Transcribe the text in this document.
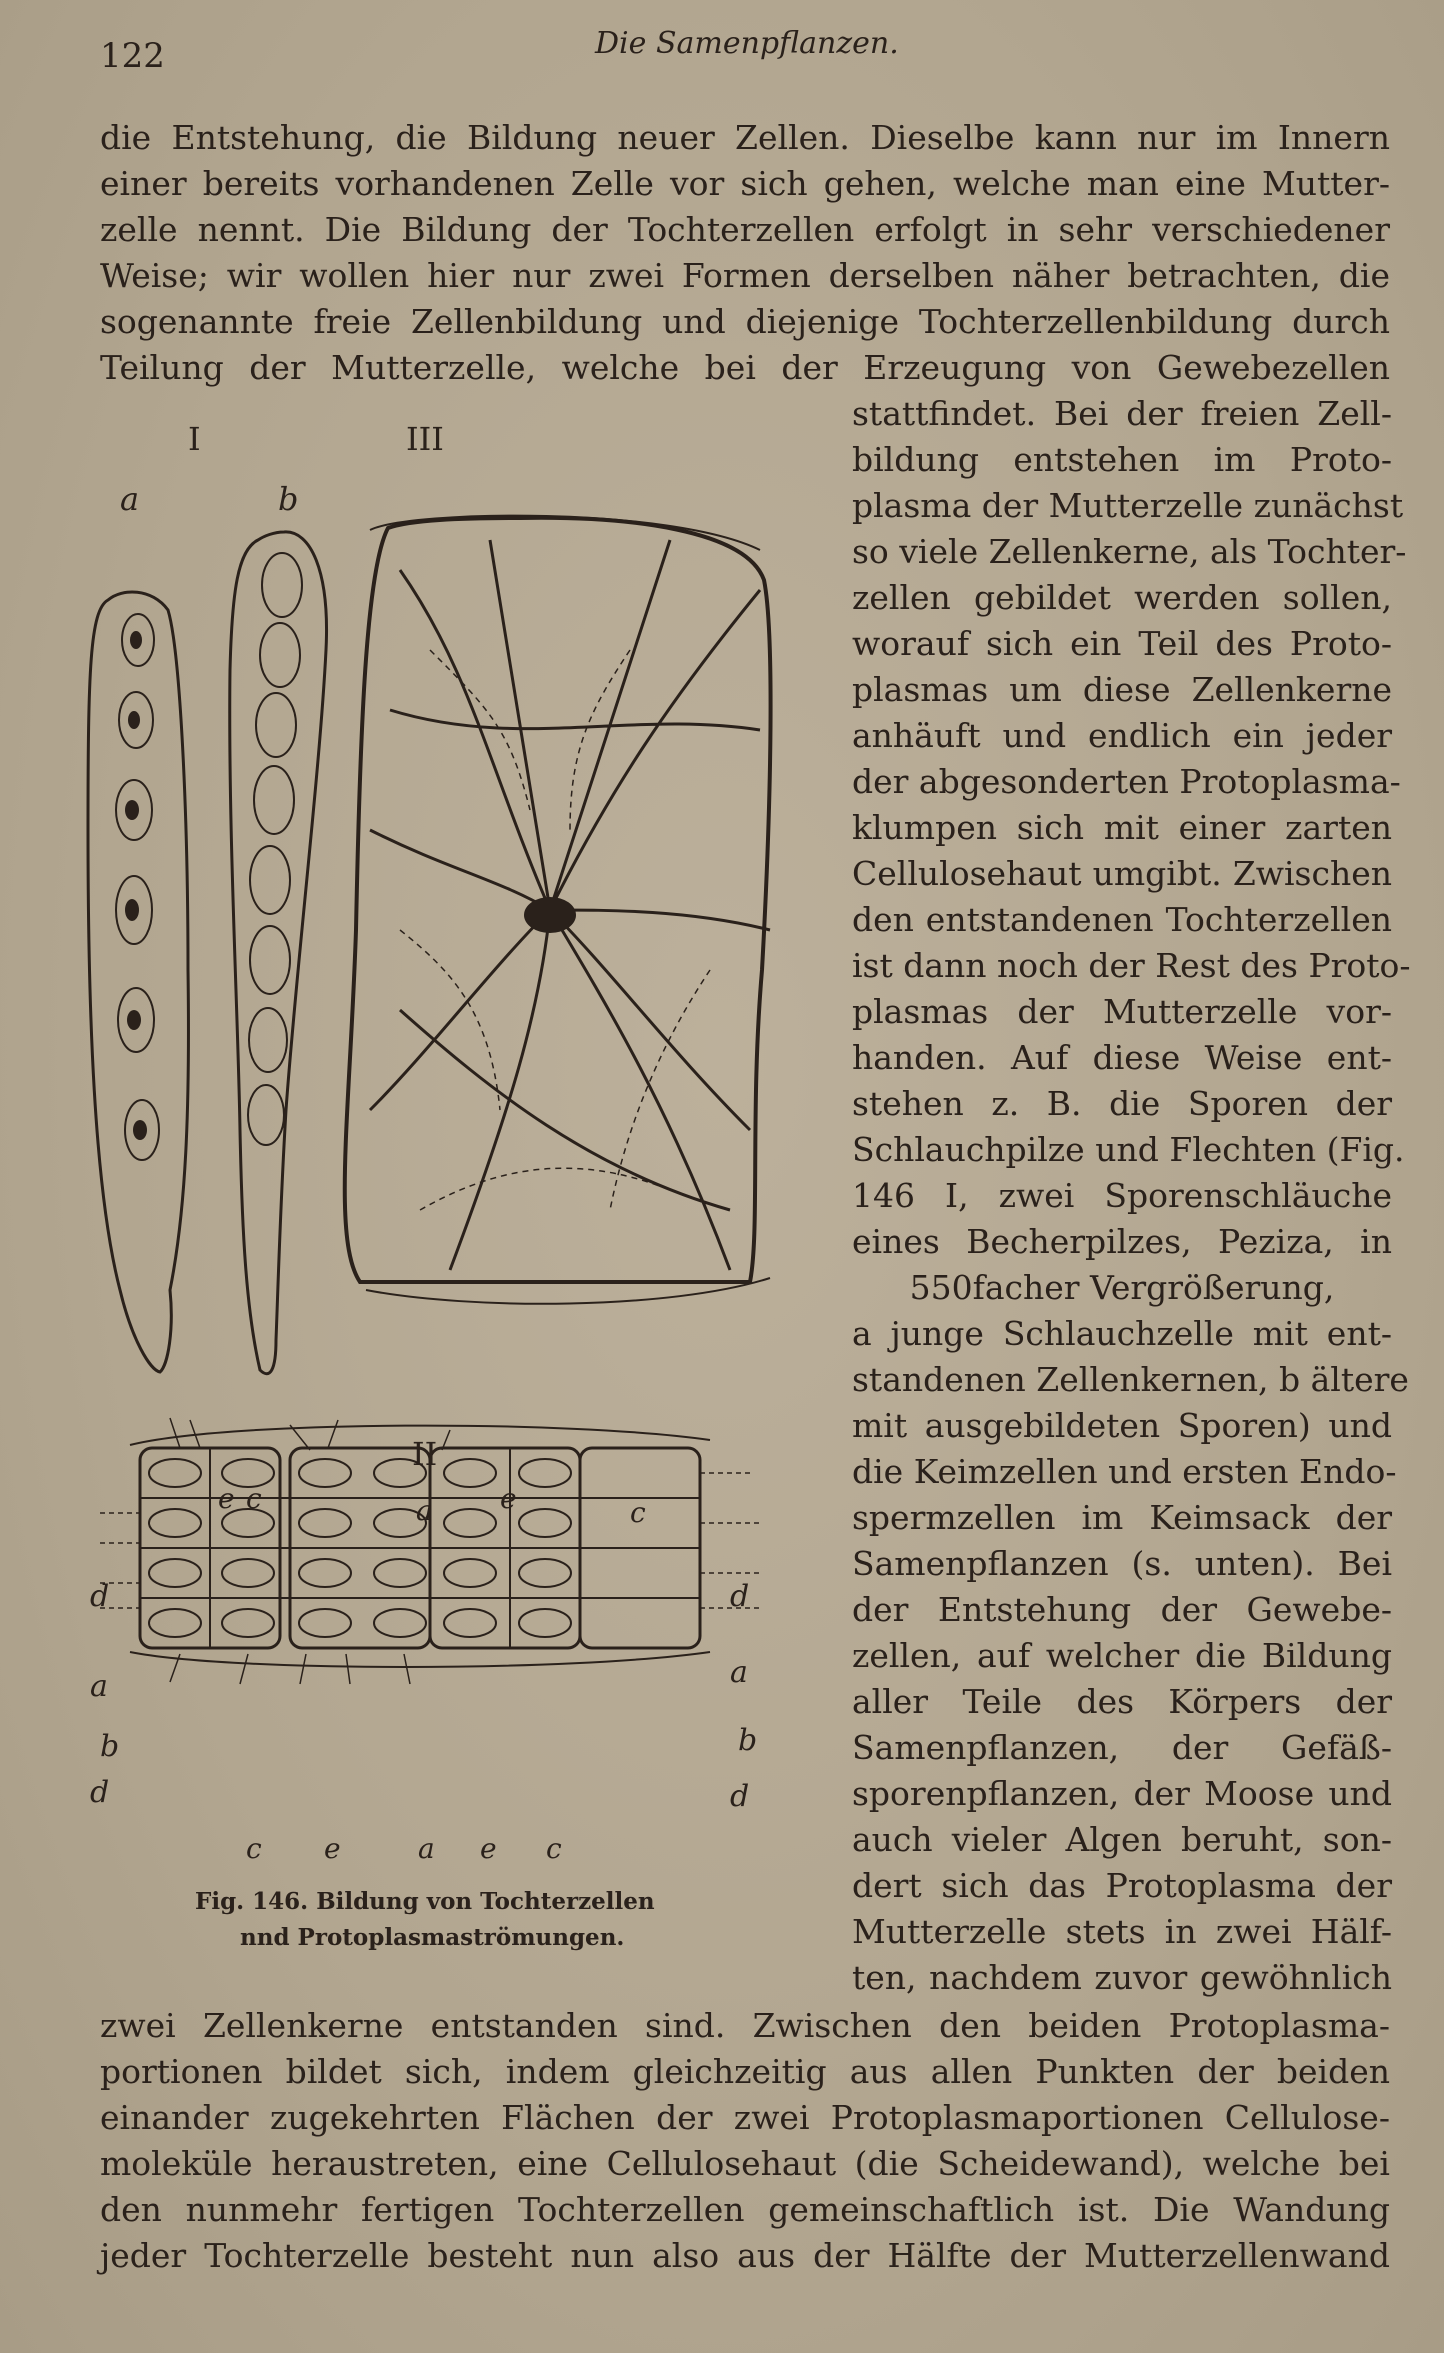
122	Die Samenpflanzen.

die Entstehung, die Bildung neuer Zellen. Dieselbe kann nur im Innern

einer bereits vorhandenen Zelle vor sich gehen, welche man eine Mutter-

zelle nennt. Die Bildung der Tochterzellen erfolgt in sehr verschiedener

Weise; wir wollen hier nur zwei Formen derselben näher betrachten, die

sogenannte freie Zellenbildung und diejenige Tochterzellenbildung durch

Teilung der Mutterzelle, welche bei der Erzeugung von Gewebezellen

stattfindet. Bei der freien Zell-

bildung entstehen im Proto-

plasma der Mutterzelle zunächst

so viele Zellenkerne, als Tochter-

zellen gebildet werden sollen,

worauf sich ein Teil des Proto-

plasmas um diese Zellenkerne

anhäuft und endlich ein jeder

der abgesonderten Protoplasma-

klumpen sich mit einer zarten

Cellulosehaut umgibt. Zwischen

den entstandenen Tochterzellen

ist dann noch der Rest des Proto-

plasmas der Mutterzelle vor-

handen. Auf diese Weise ent-

stehen z. B. die Sporen der

Schlauchpilze und Flechten (Fig.

146 I, zwei Sporenschläuche

eines Becherpilzes, Peziza, in

550facher Vergrößerung,

a junge Schlauchzelle mit ent-

standenen Zellenkernen, b ältere

mit ausgebildeten Sporen) und

die Keimzellen und ersten Endo-

spermzellen im Keimsack der

Samenpflanzen (s. unten). Bei

der Entstehung der Gewebe-

zellen, auf welcher die Bildung

aller Teile des Körpers der

Samenpflanzen, der Gefäß-

sporenpflanzen, der Moose und

auch vieler Algen beruht, son-

dert sich das Protoplasma der

Mutterzelle stets in zwei Hälf-

ten, nachdem zuvor gewöhnlich

zwei Zellenkerne entstanden sind. Zwischen den beiden Protoplasma-

portionen bildet sich, indem gleichzeitig aus allen Punkten der beiden

einander zugekehrten Flächen der zwei Protoplasmaportionen Cellulose-

moleküle heraustreten, eine Cellulosehaut (die Scheidewand), welche bei

den nunmehr fertigen Tochterzellen gemeinschaftlich ist. Die Wandung

jeder Tochterzelle besteht nun also aus der Hälfte der Mutterzellenwand

I	III
a	b
II
e c	a e	c
d
a
b
d
d
a
b
d
c e	a e c
Fig. 146. Bildung von Tochterzellen
nnd Protoplasmaströmungen.
